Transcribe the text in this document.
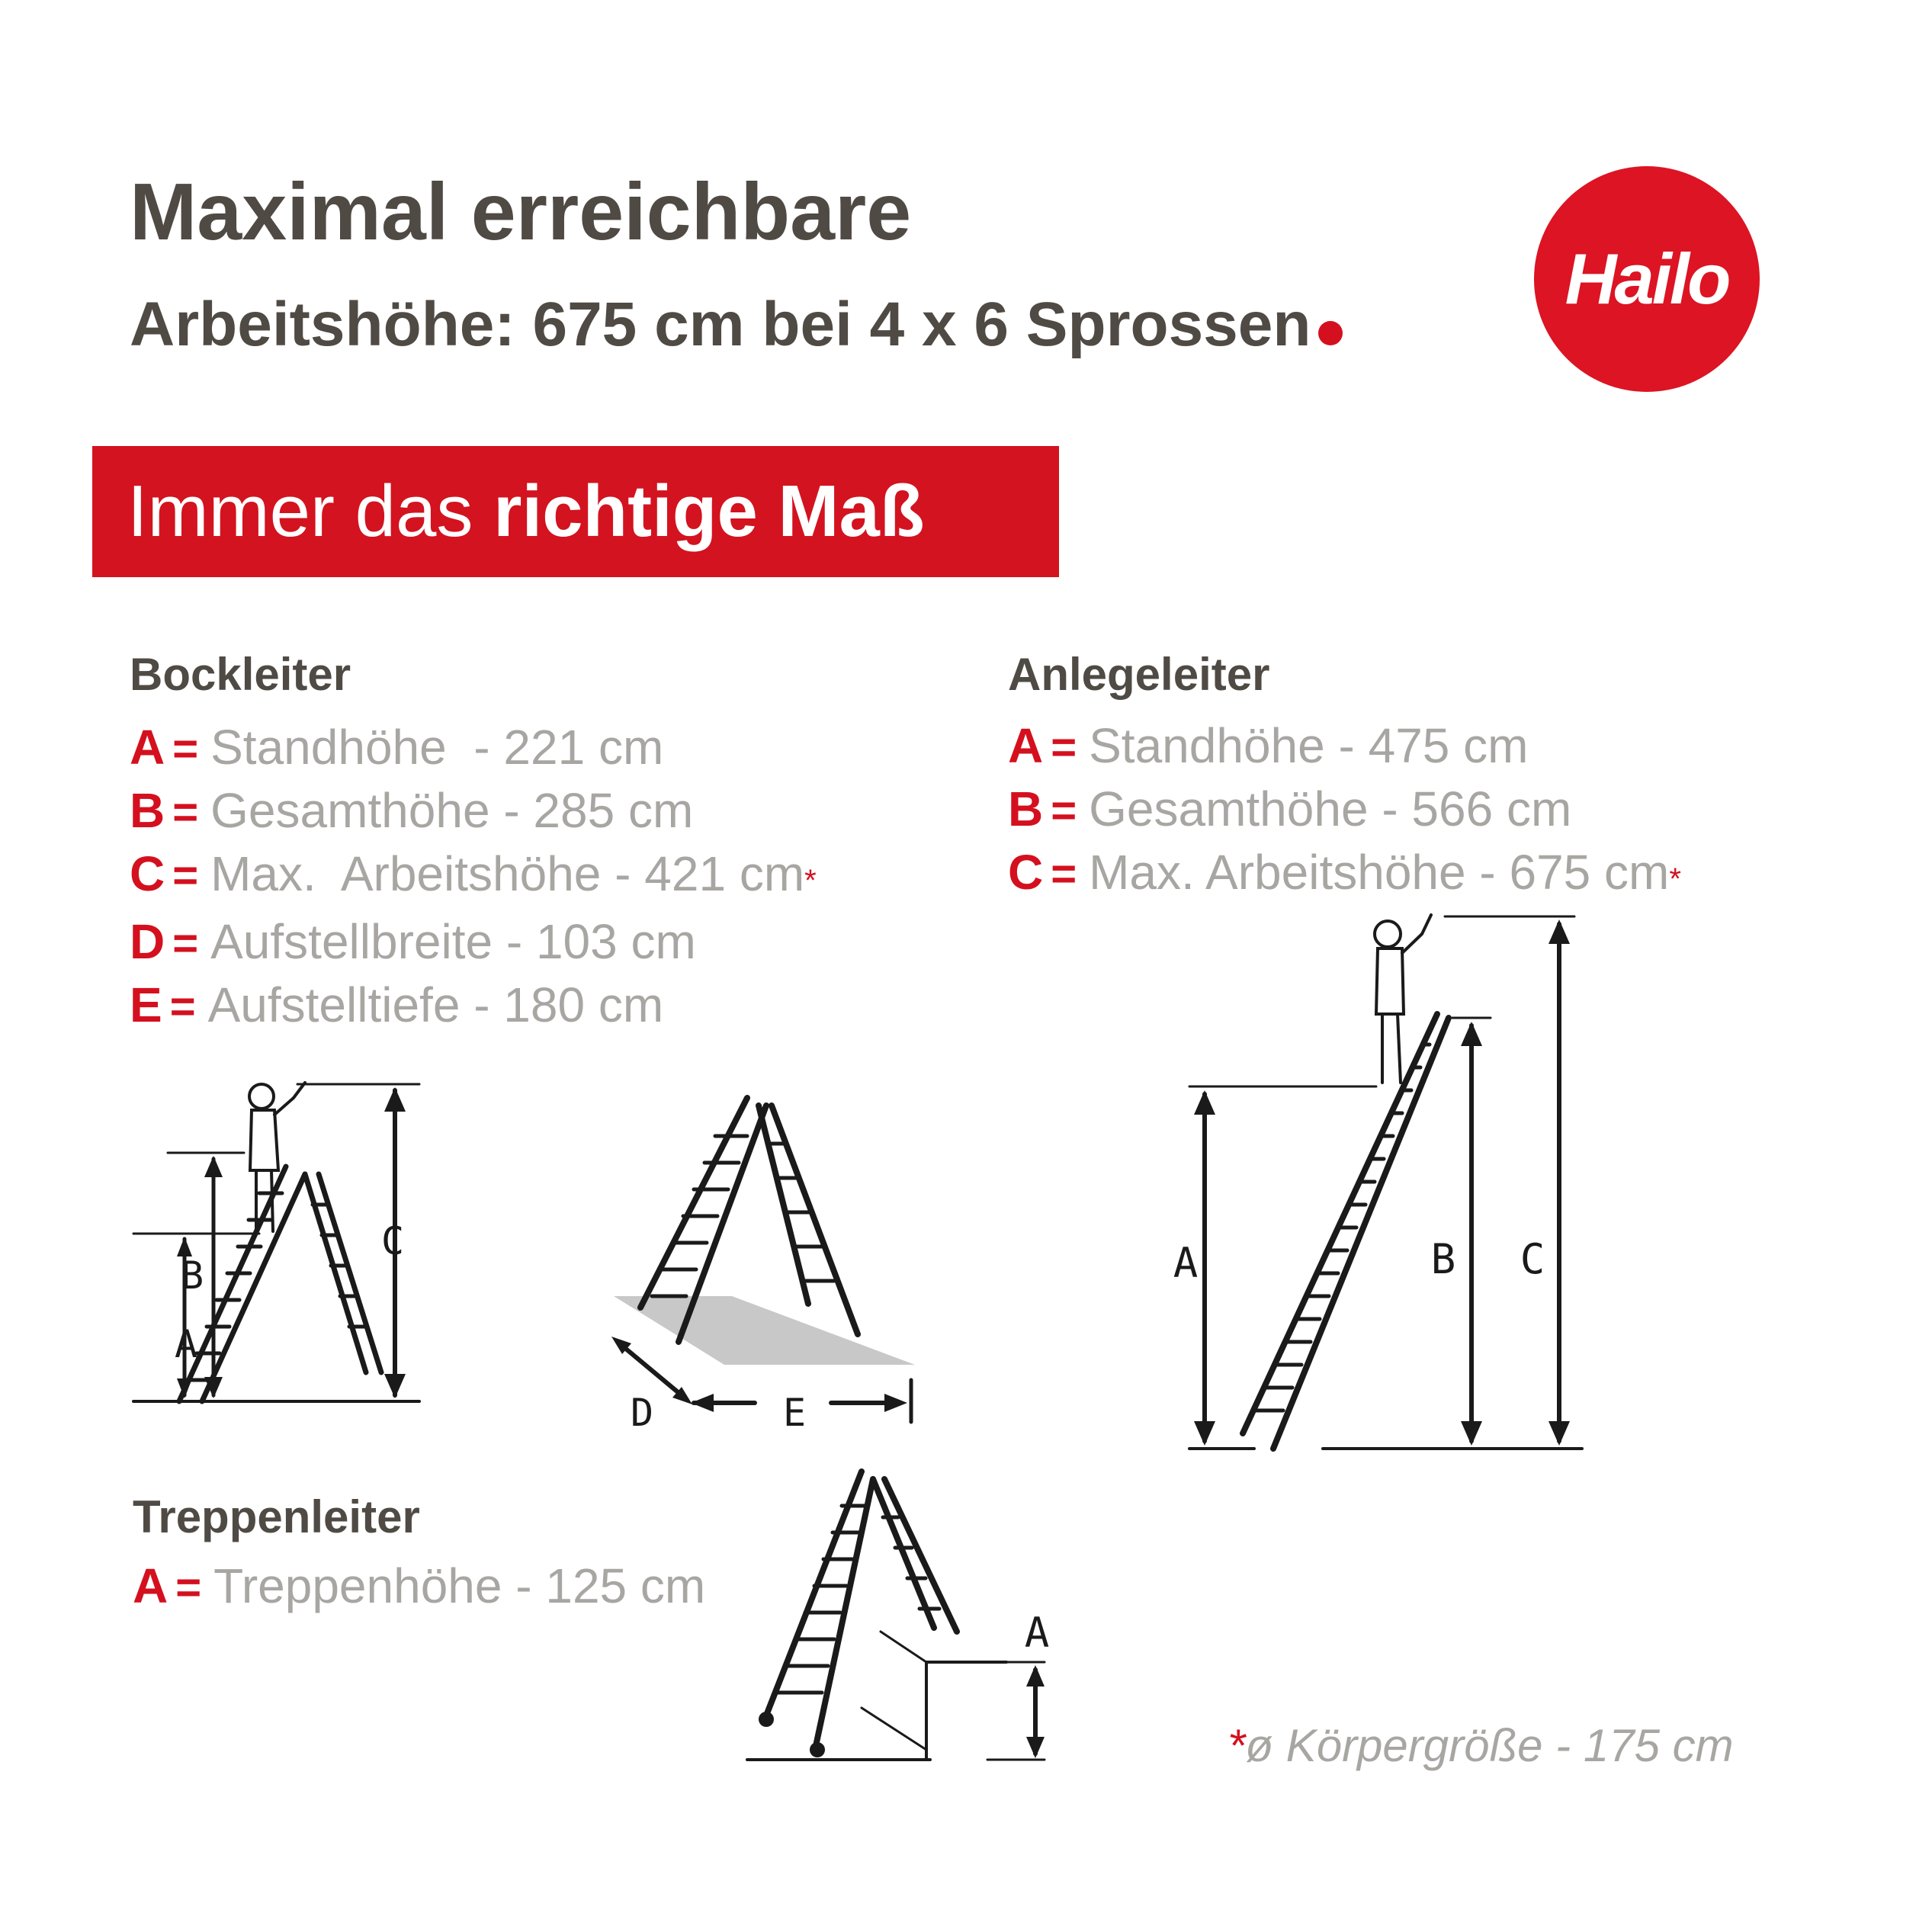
Maximal erreichbare
Arbeitshöhe: 675 cm bei 4 x 6 Sprossen
Hailo
Immer das richtige Maß
Bockleiter
A = Standhöhe  - 221 cm
B = Gesamthöhe - 285 cm
C = Max.  Arbeitshöhe - 421 cm *
D = Aufstellbreite - 103 cm
E = Aufstelltiefe - 180 cm
Anlegeleiter
A = Standhöhe - 475 cm
B = Gesamthöhe - 566 cm
C = Max. Arbeitshöhe - 675 cm *
Treppenleiter
A = Treppenhöhe - 125 cm
*ø Körpergröße - 175 cm
A
B
C
D	E
A	B C
A
